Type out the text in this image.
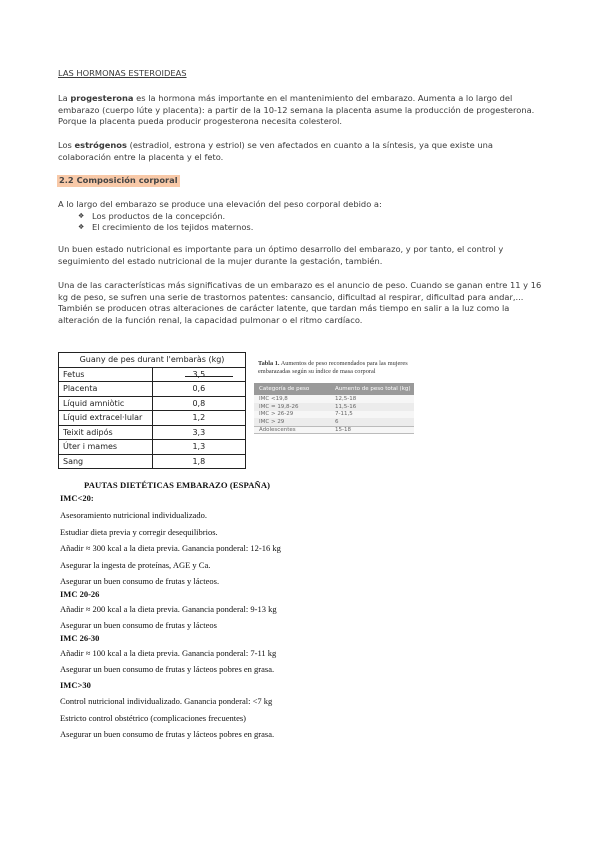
LAS HORMONAS ESTEROIDEAS

La progesterona es la hormona más importante en el mantenimiento del embarazo. Aumenta a lo largo del embarazo (cuerpo lúte y placenta): a partir de la 10-12 semana la placenta asume la producción de progesterona. Porque la placenta pueda producir progesterona necesita colesterol.

Los estrógenos (estradiol, estrona y estriol) se ven afectados en cuanto a la síntesis, ya que existe una colaboración entre la placenta y el feto.

2.2 Composición corporal

A lo largo del embarazo se produce una elevación del peso corporal debido a:

❖ Los productos de la concepción.
❖ El crecimiento de los tejidos maternos.

Un buen estado nutricional es importante para un óptimo desarrollo del embarazo, y por tanto, el control y seguimiento del estado nutricional de la mujer durante la gestación, también.

Una de las características más significativas de un embarazo es el anuncio de peso. Cuando se ganan entre 11 y 16 kg de peso, se sufren una serie de trastornos patentes: cansancio, dificultad al respirar, dificultad para andar,... También se producen otras alteraciones de carácter latente, que tardan más tiempo en salir a la luz como la alteración de la función renal, la capacidad pulmonar o el ritmo cardíaco.

Guany de pes durant l'embaràs (kg)	
Fetus	3,5
Placenta	0,6
Líquid amniòtic	0,8
Líquid extracel·lular	1,2
Teixit adipós	3,3
Úter i mames	1,3
Sang	1,8
Tabla 1. Aumentos de peso recomendados para las mujeres embarazadas según su índice de masa corporal
Categoría de peso	Aumento de peso total (kg)
IMC <19,8	12,5-18
IMC = 19,8-26	11,5-16
IMC > 26-29	7-11,5
IMC > 29	6
Adolescentes	15-18
PAUTAS DIETÉTICAS EMBARAZO (ESPAÑA)
IMC<20:
Asesoramiento nutricional individualizado.
Estudiar dieta previa y corregir desequilibrios.
Añadir ≈ 300 kcal a la dieta previa. Ganancia ponderal: 12-16 kg
Asegurar la ingesta de proteínas, AGE y Ca.
Asegurar un buen consumo de frutas y lácteos.
IMC 20-26
Añadir ≈ 200 kcal a la dieta previa. Ganancia ponderal: 9-13 kg
Asegurar un buen consumo de frutas y lácteos
IMC 26-30
Añadir ≈ 100 kcal a la dieta previa. Ganancia ponderal: 7-11 kg
Asegurar un buen consumo de frutas y lácteos pobres en grasa.
IMC>30
Control nutricional individualizado. Ganancia ponderal: <7 kg
Estricto control obstétrico (complicaciones frecuentes)
Asegurar un buen consumo de frutas y lácteos pobres en grasa.
